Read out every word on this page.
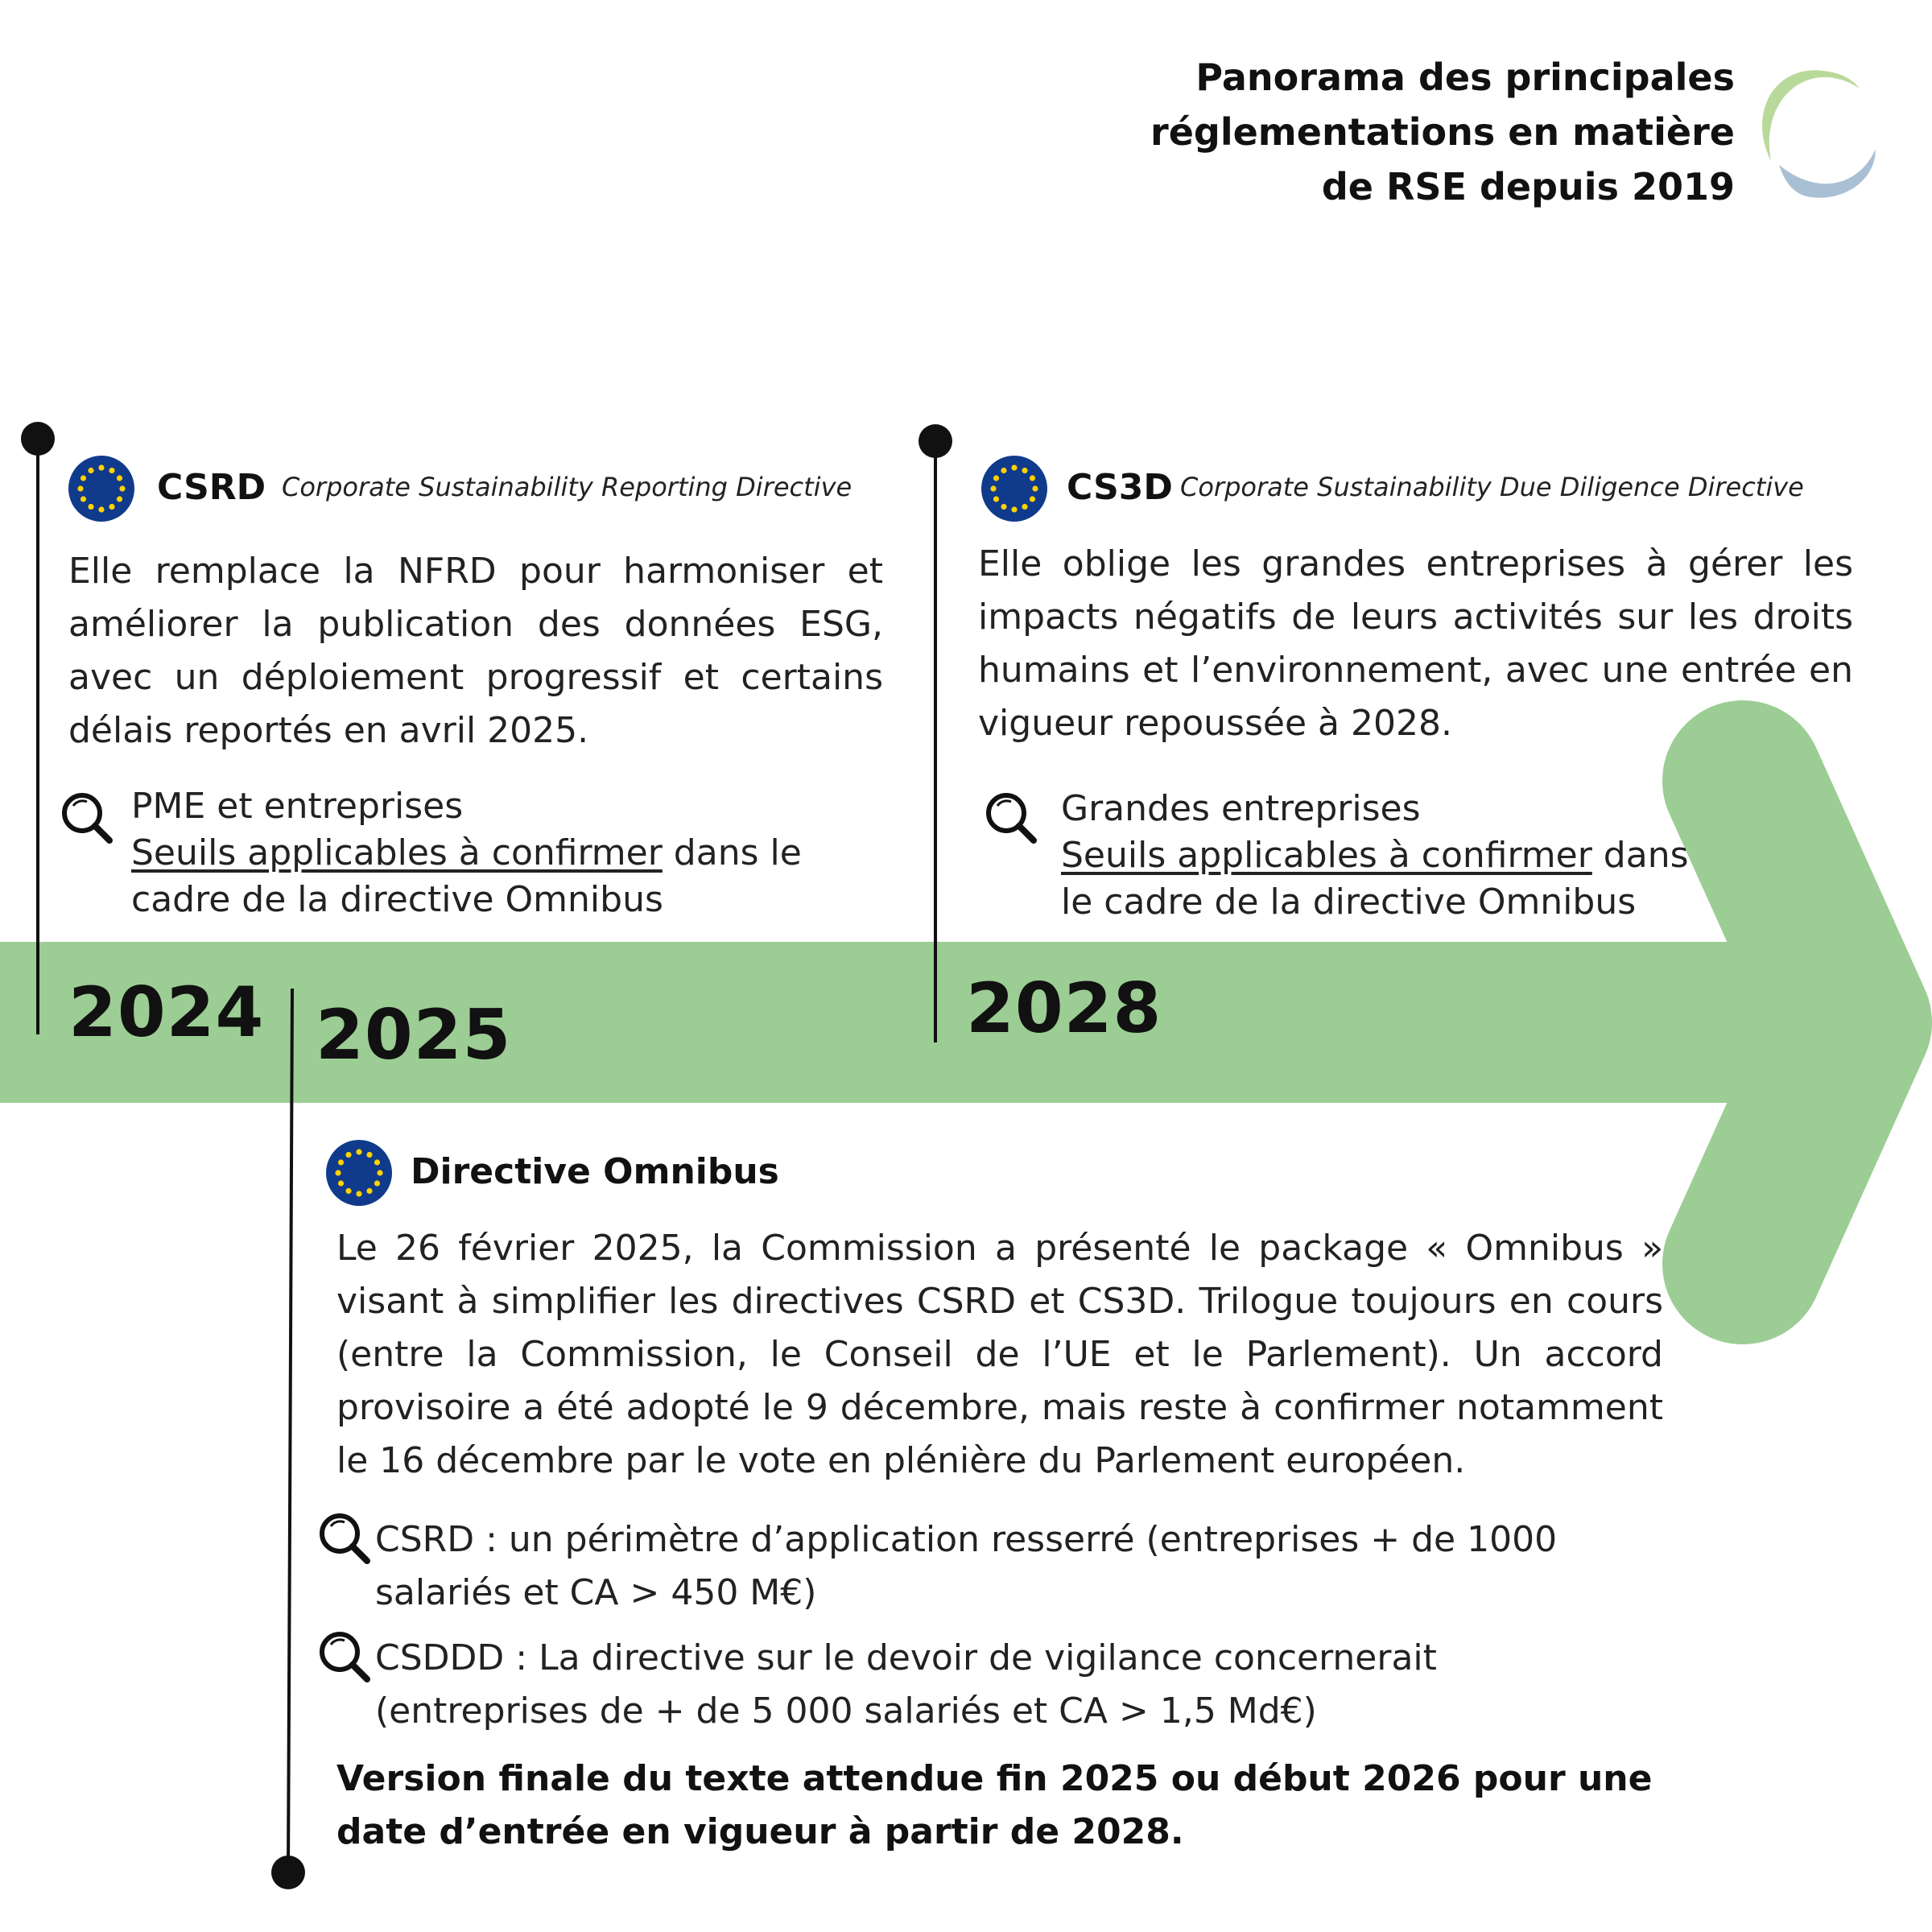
Panorama des principales
réglementations en matière
de RSE depuis 2019
2024 2025	2028
CSRD Corporate Sustainability Reporting Directive
Elle remplace la NFRD pour harmoniser et améliorer la publication des données ESG, avec un déploiement progressif et certains délais reportés en avril 2025.
PME et entreprises
Seuils applicables à confirmer dans le cadre de la directive Omnibus
CS3D Corporate Sustainability Due Diligence Directive
Elle oblige les grandes entreprises à gérer les impacts négatifs de leurs activités sur les droits humains et l’environnement, avec une entrée en vigueur repoussée à 2028.
Grandes entreprises
Seuils applicables à confirmer dans le cadre de la directive Omnibus
Directive Omnibus
Le 26 février 2025, la Commission a présenté le package « Omnibus » visant à simplifier les directives CSRD et CS3D. Trilogue toujours en cours (entre la Commission, le Conseil de l’UE et le Parlement). Un accord provisoire a été adopté le 9 décembre, mais reste à confirmer notamment le 16 décembre par le vote en plénière du Parlement européen.
CSRD : un périmètre d’application resserré (entreprises + de 1000 salariés et CA > 450 M€)
CSDDD : La directive sur le devoir de vigilance concernerait (entreprises de + de 5 000 salariés et CA > 1,5 Md€)
Version finale du texte attendue fin 2025 ou début 2026 pour une date d’entrée en vigueur à partir de 2028.
